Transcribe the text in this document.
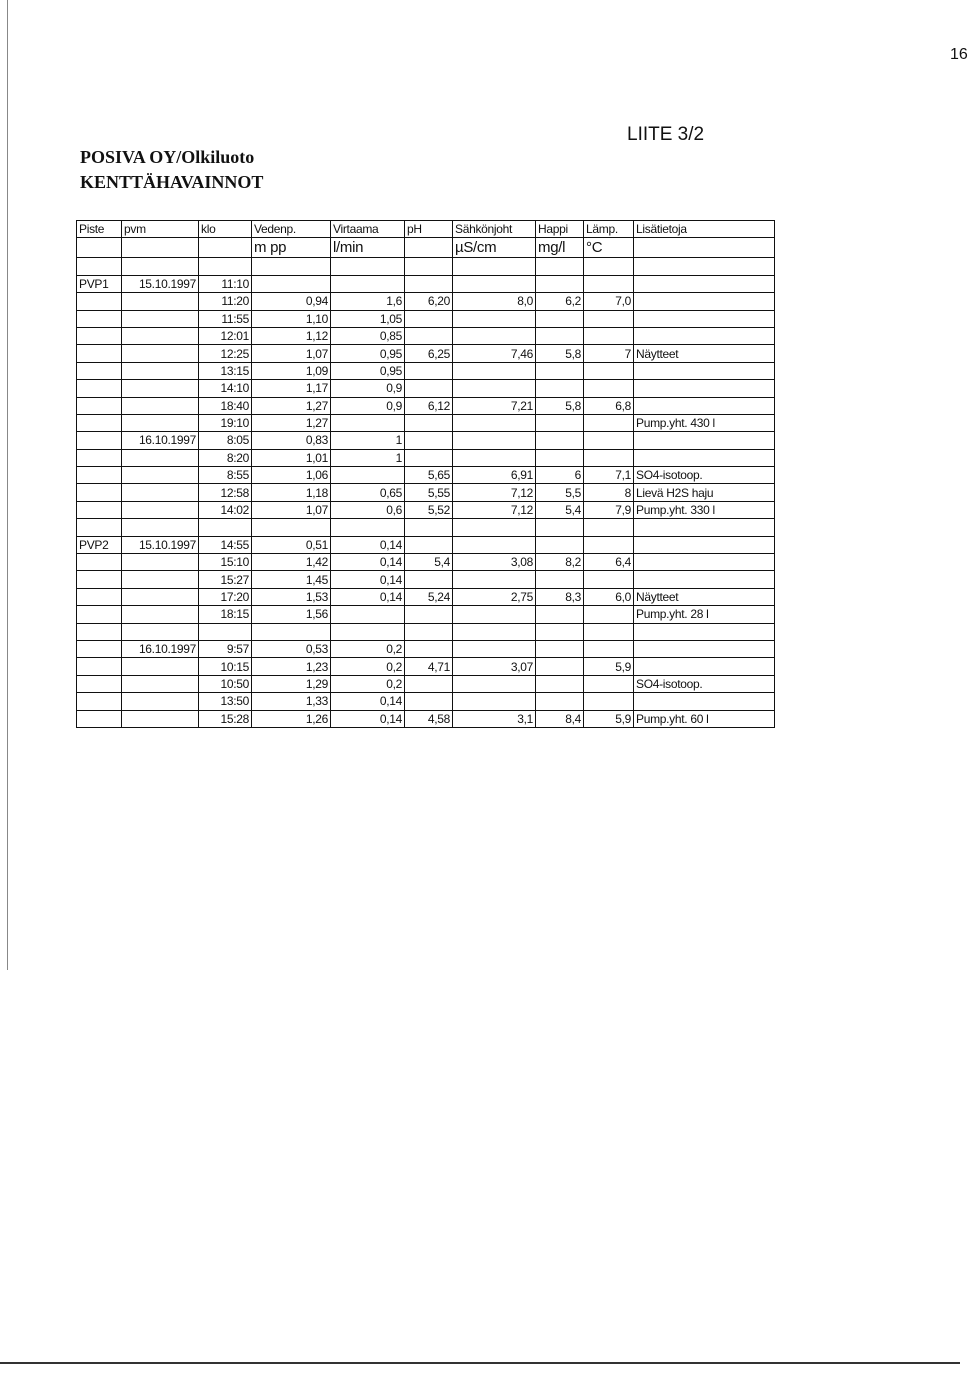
16
LIITE 3/2
POSIVA OY/Olkiluoto
KENTTÄHAVAINNOT
Piste	pvm	klo	Vedenp.	Virtaama	pH	Sähkönjoht	Happi	Lämp.	Lisätietoja
			m pp	l/min		µS/cm	mg/l	°C	

PVP1	15.10.1997	11:10							
		11:20	0,94	1,6	6,20	8,0	6,2	7,0	
		11:55	1,10	1,05					
		12:01	1,12	0,85					
		12:25	1,07	0,95	6,25	7,46	5,8	7	Näytteet
		13:15	1,09	0,95					
		14:10	1,17	0,9					
		18:40	1,27	0,9	6,12	7,21	5,8	6,8	
		19:10	1,27						Pump.yht. 430 l
	16.10.1997	8:05	0,83	1					
		8:20	1,01	1					
		8:55	1,06		5,65	6,91	6	7,1	SO4-isotoop.
		12:58	1,18	0,65	5,55	7,12	5,5	8	Lievä H2S haju
		14:02	1,07	0,6	5,52	7,12	5,4	7,9	Pump.yht. 330 l

PVP2	15.10.1997	14:55	0,51	0,14					
		15:10	1,42	0,14	5,4	3,08	8,2	6,4	
		15:27	1,45	0,14					
		17:20	1,53	0,14	5,24	2,75	8,3	6,0	Näytteet
		18:15	1,56						Pump.yht. 28 l

	16.10.1997	9:57	0,53	0,2					
		10:15	1,23	0,2	4,71	3,07		5,9	
		10:50	1,29	0,2					SO4-isotoop.
		13:50	1,33	0,14					
		15:28	1,26	0,14	4,58	3,1	8,4	5,9	Pump.yht. 60 l
